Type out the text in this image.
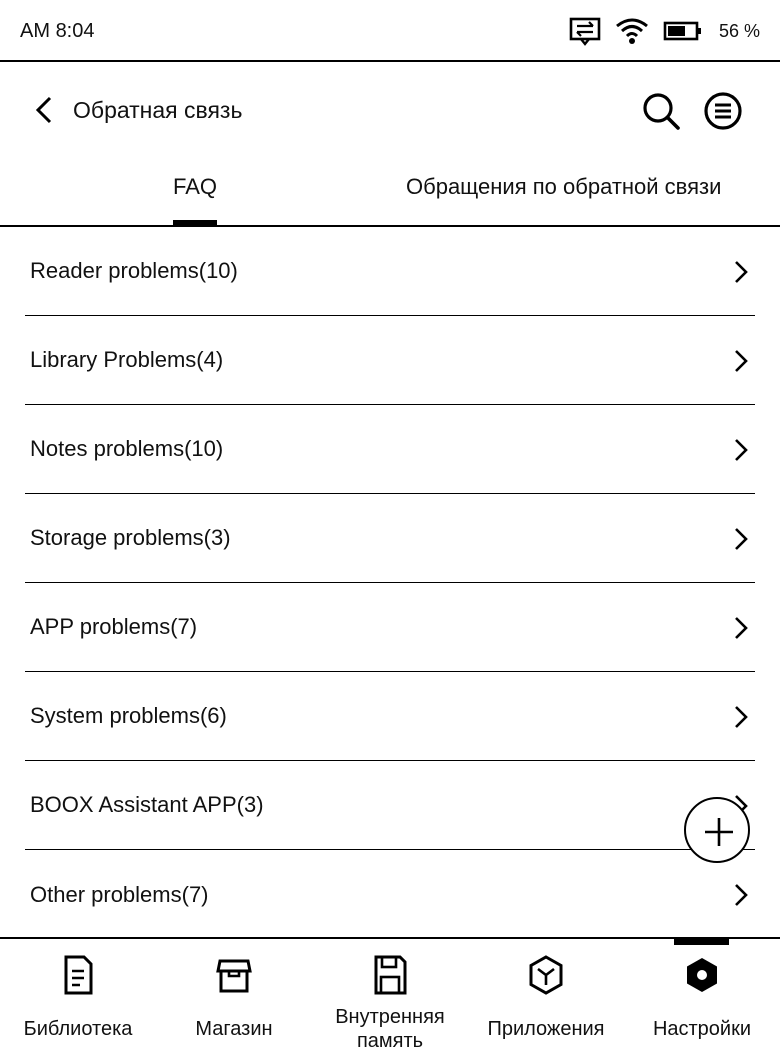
AM 8:04	56 %
Обратная связь
FAQ	Обращения по обратной связи
Reader problems(10)
Library Problems(4)
Notes problems(10)
Storage problems(3)
APP problems(7)
System problems(6)
BOOX Assistant APP(3)
Other problems(7)
Библиотека	Магазин
Внутренняя память
Приложения	Настройки
